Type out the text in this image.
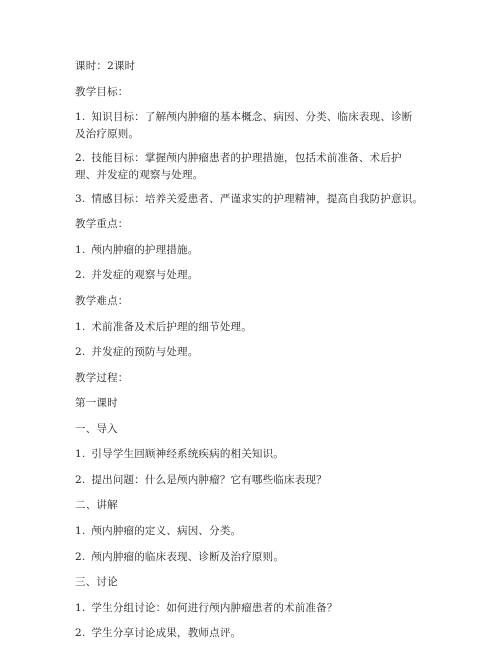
课时：2课时
教学目标：
1. 知识目标：了解颅内肿瘤的基本概念、病因、分类、临床表现、诊断及治疗原则。
2. 技能目标：掌握颅内肿瘤患者的护理措施，包括术前准备、术后护理、并发症的观察与处理。
3. 情感目标：培养关爱患者、严谨求实的护理精神，提高自我防护意识。
教学重点：
1. 颅内肿瘤的护理措施。
2. 并发症的观察与处理。
教学难点：
1. 术前准备及术后护理的细节处理。
2. 并发症的预防与处理。
教学过程：
第一课时
一、导入
1. 引导学生回顾神经系统疾病的相关知识。
2. 提出问题：什么是颅内肿瘤？它有哪些临床表现？
二、讲解
1. 颅内肿瘤的定义、病因、分类。
2. 颅内肿瘤的临床表现、诊断及治疗原则。
三、讨论
1. 学生分组讨论：如何进行颅内肿瘤患者的术前准备？
2. 学生分享讨论成果，教师点评。
